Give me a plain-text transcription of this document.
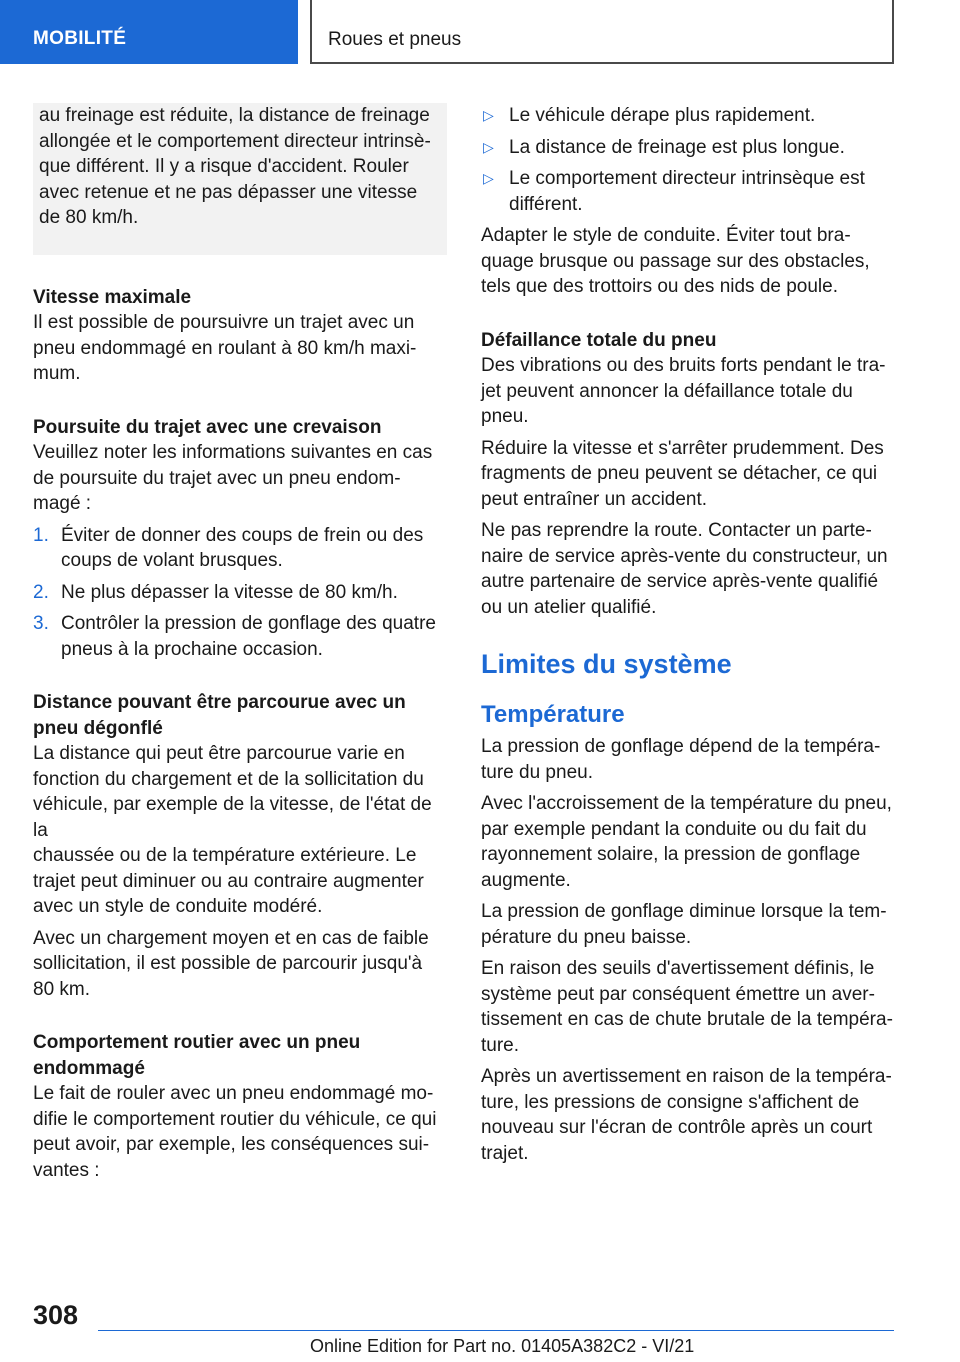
MOBILITÉ	Roues et pneus

au freinage est réduite, la distance de freinage
allongée et le comportement directeur intrinsè‐
que différent. Il y a risque d'accident. Rouler
avec retenue et ne pas dépasser une vitesse
de 80 km/h.

Vitesse maximale

Il est possible de poursuivre un trajet avec un
pneu endommagé en roulant à 80 km/h maxi‐
mum.

Poursuite du trajet avec une crevaison

Veuillez noter les informations suivantes en cas
de poursuite du trajet avec un pneu endom‐
magé :

1. Éviter de donner des coups de frein ou des
coups de volant brusques.
2. Ne plus dépasser la vitesse de 80 km/h.
3. Contrôler la pression de gonflage des quatre
pneus à la prochaine occasion.
Distance pouvant être parcourue avec un
pneu dégonflé

La distance qui peut être parcourue varie en
fonction du chargement et de la sollicitation du
véhicule, par exemple de la vitesse, de l'état de la
chaussée ou de la température extérieure. Le
trajet peut diminuer ou au contraire augmenter
avec un style de conduite modéré.

Avec un chargement moyen et en cas de faible
sollicitation, il est possible de parcourir jusqu'à
80 km.

Comportement routier avec un pneu
endommagé

Le fait de rouler avec un pneu endommagé mo‐
difie le comportement routier du véhicule, ce qui
peut avoir, par exemple, les conséquences sui‐
vantes :

▷ Le véhicule dérape plus rapidement.
▷ La distance de freinage est plus longue.
▷ Le comportement directeur intrinsèque est
différent.

Adapter le style de conduite. Éviter tout bra‐
quage brusque ou passage sur des obstacles,
tels que des trottoirs ou des nids de poule.

Défaillance totale du pneu

Des vibrations ou des bruits forts pendant le tra‐
jet peuvent annoncer la défaillance totale du
pneu.

Réduire la vitesse et s'arrêter prudemment. Des
fragments de pneu peuvent se détacher, ce qui
peut entraîner un accident.

Ne pas reprendre la route. Contacter un parte‐
naire de service après-vente du constructeur, un
autre partenaire de service après-vente qualifié
ou un atelier qualifié.

Limites du système
Température

La pression de gonflage dépend de la tempéra‐
ture du pneu.

Avec l'accroissement de la température du pneu,
par exemple pendant la conduite ou du fait du
rayonnement solaire, la pression de gonflage
augmente.

La pression de gonflage diminue lorsque la tem‐
pérature du pneu baisse.

En raison des seuils d'avertissement définis, le
système peut par conséquent émettre un aver‐
tissement en cas de chute brutale de la tempéra‐
ture.

Après un avertissement en raison de la tempéra‐
ture, les pressions de consigne s'affichent de
nouveau sur l'écran de contrôle après un court
trajet.

308
Online Edition for Part no. 01405A382C2 - VI/21
